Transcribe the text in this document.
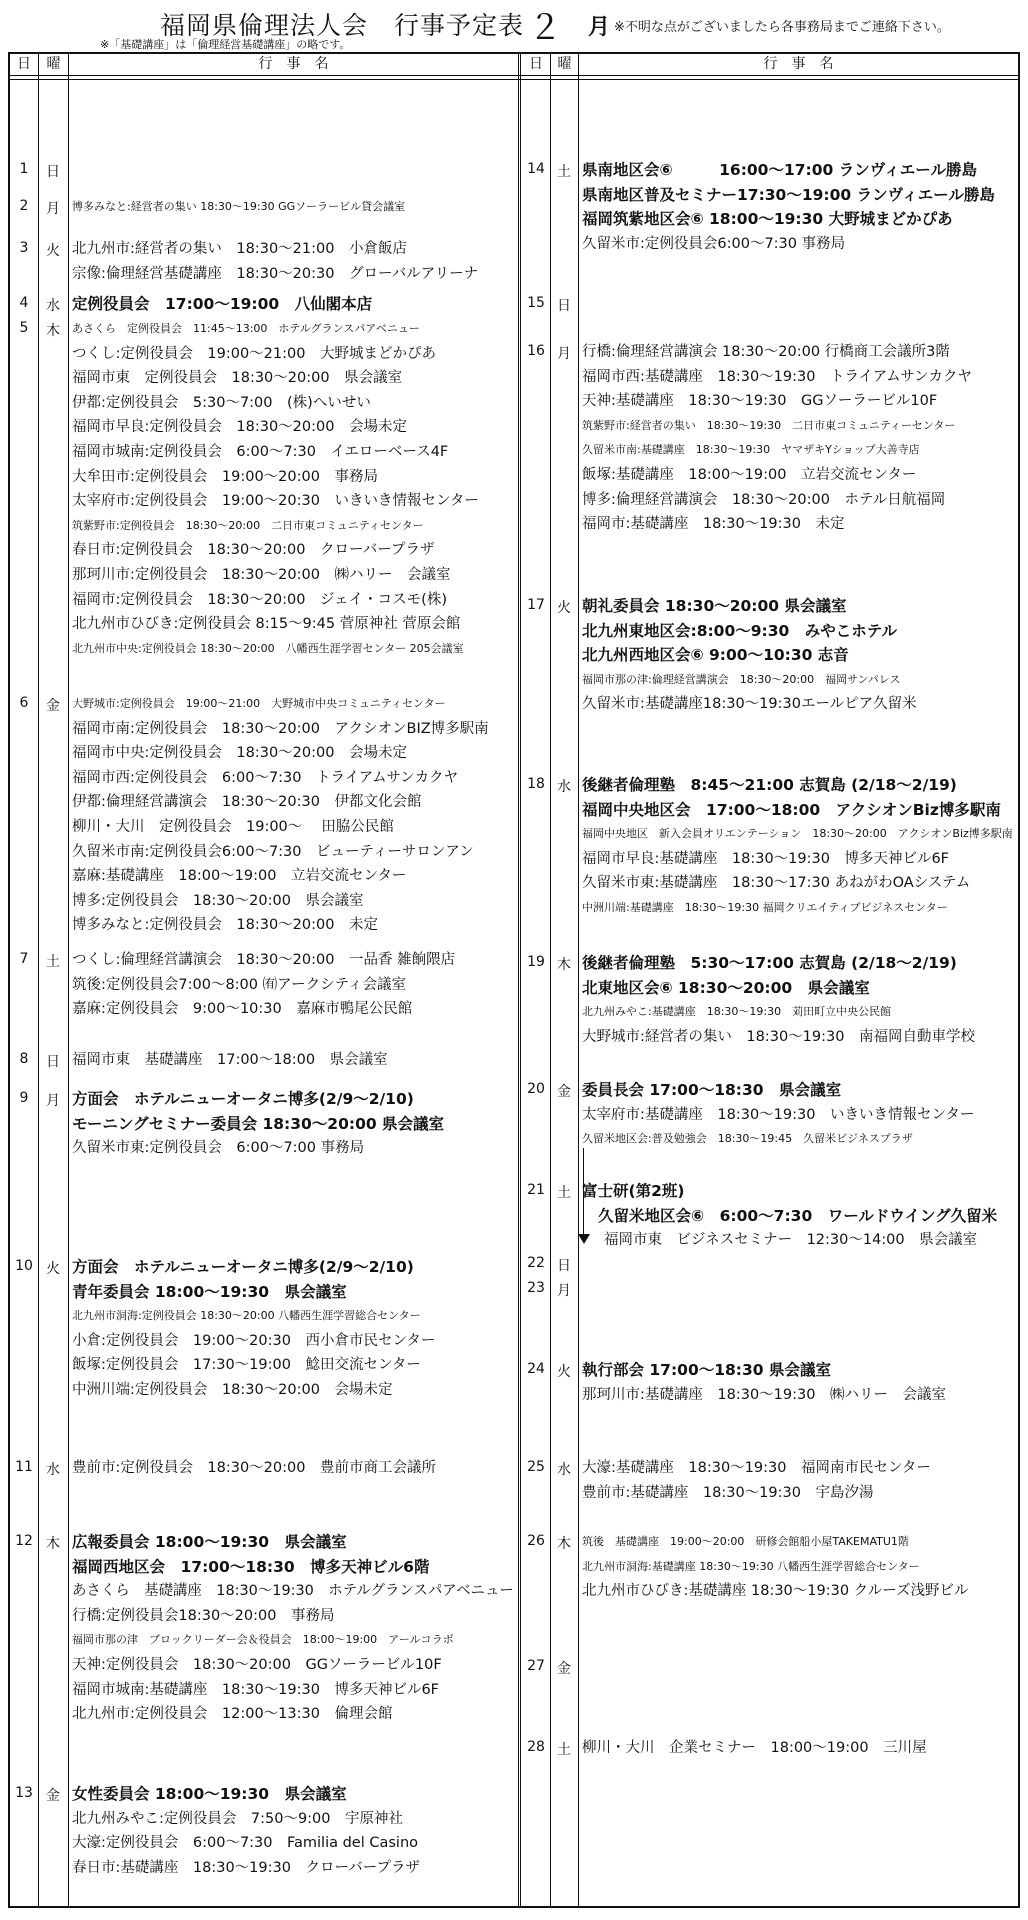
福岡県倫理法人会　行事予定表 ２ 月 ※不明な点がございましたら各事務局までご連絡下さい。
※「基礎講座」は「倫理経営基礎講座」の略です。
日	曜	行　事　名	日	曜	行　事　名
1	日
2	月	博多みなと:経営者の集い 18:30〜19:30 GGソーラービル貸会議室
3	火 北九州市:経営者の集い　18:30〜21:00　小倉飯店
宗像:倫理経営基礎講座　18:30〜20:30　グローバルアリーナ
4	水 定例役員会　17:00〜19:00　八仙閣本店
5	木	あさくら　定例役員会　11:45〜13:00　ホテルグランスパアベニュー
つくし:定例役員会　19:00〜21:00　大野城まどかぴあ
福岡市東　定例役員会　18:30〜20:00　県会議室
伊都:定例役員会　5:30〜7:00　(株)へいせい
福岡市早良:定例役員会　18:30〜20:00　会場未定
福岡市城南:定例役員会　6:00〜7:30　イエローベース4F
大牟田市:定例役員会　19:00〜20:00　事務局
太宰府市:定例役員会　19:00〜20:30　いきいき情報センター
筑紫野市:定例役員会　18:30〜20:00　二日市東コミュニティセンター
春日市:定例役員会　18:30〜20:00　クローバープラザ
那珂川市:定例役員会　18:30〜20:00　㈱ハリー　会議室
福岡市:定例役員会　18:30〜20:00　ジェイ・コスモ(株)
北九州市ひびき:定例役員会 8:15〜9:45 菅原神社 菅原会館
北九州市中央:定例役員会 18:30〜20:00　八幡西生涯学習センター 205会議室
6	金	大野城市:定例役員会　19:00〜21:00　大野城市中央コミュニティセンター
福岡市南:定例役員会　18:30〜20:00　アクシオンBIZ博多駅南
福岡市中央:定例役員会　18:30〜20:00　会場未定
福岡市西:定例役員会　6:00〜7:30　トライアムサンカクヤ
伊都:倫理経営講演会　18:30〜20:30　伊都文化会館
柳川・大川　定例役員会　19:00〜　 田脇公民館
久留米市南:定例役員会6:00〜7:30　ビューティーサロンアン
嘉麻:基礎講座　18:00〜19:00　立岩交流センター
博多:定例役員会　18:30〜20:00　県会議室
博多みなと:定例役員会　18:30〜20:00　未定
7	土 つくし:倫理経営講演会　18:30〜20:00　一品香 雑餉隈店
筑後:定例役員会7:00〜8:00 ㈲アークシティ会議室
嘉麻:定例役員会　9:00〜10:30　嘉麻市鴨尾公民館
8	日 福岡市東　基礎講座　17:00〜18:00　県会議室
9	月 方面会　ホテルニューオータニ博多(2/9〜2/10)
モーニングセミナー委員会 18:30〜20:00 県会議室
久留米市東:定例役員会　6:00〜7:00 事務局
10 火 方面会　ホテルニューオータニ博多(2/9〜2/10)
青年委員会 18:00〜19:30　県会議室
北九州市洞海:定例役員会 18:30〜20:00 八幡西生涯学習総合センター
小倉:定例役員会　19:00〜20:30　西小倉市民センター
飯塚:定例役員会　17:30〜19:00　鯰田交流センター
中洲川端:定例役員会　18:30〜20:00　会場未定
11 水 豊前市:定例役員会　18:30〜20:00　豊前市商工会議所
12 木 広報委員会 18:00〜19:30　県会議室
福岡西地区会　17:00〜18:30　博多天神ビル6階
あさくら　基礎講座　18:30〜19:30　ホテルグランスパアベニュー
行橋:定例役員会18:30〜20:00　事務局
福岡市那の津　ブロックリーダー会＆役員会　18:00〜19:00　アールコラボ
天神:定例役員会　18:30〜20:00　GGソーラービル10F
福岡市城南:基礎講座　18:30〜19:30　博多天神ビル6F
北九州市:定例役員会　12:00〜13:30　倫理会館
13 金 女性委員会 18:00〜19:30　県会議室
北九州みやこ:定例役員会　7:50〜9:00　宇原神社
大濠:定例役員会　6:00〜7:30　Familia del Casino
春日市:基礎講座　18:30〜19:30　クローバープラザ
14 土 県南地区会⑥　　　16:00〜17:00 ランヴィエール勝島
県南地区普及セミナー17:30〜19:00 ランヴィエール勝島
福岡筑紫地区会⑥ 18:00〜19:30 大野城まどかぴあ
久留米市:定例役員会6:00〜7:30 事務局
15 日
16 月 行橋:倫理経営講演会 18:30〜20:00 行橋商工会議所3階
福岡市西:基礎講座　18:30〜19:30　トライアムサンカクヤ
天神:基礎講座　18:30〜19:30　GGソーラービル10F
筑紫野市:経営者の集い　18:30〜19:30　二日市東コミュニティーセンター
久留米市南:基礎講座　18:30〜19:30　ヤマザキYショップ大善寺店
飯塚:基礎講座　18:00〜19:00　立岩交流センター
博多:倫理経営講演会　18:30〜20:00　ホテル日航福岡
福岡市:基礎講座　18:30〜19:30　未定
17 火 朝礼委員会 18:30〜20:00 県会議室
北九州東地区会:8:00〜9:30　みやこホテル
北九州西地区会⑥ 9:00〜10:30 志音
福岡市那の津:倫理経営講演会　18:30〜20:00　福岡サンパレス
久留米市:基礎講座18:30〜19:30エールピア久留米
18 水 後継者倫理塾　8:45〜21:00 志賀島 (2/18〜2/19)
福岡中央地区会　17:00〜18:00　アクシオンBiz博多駅南
福岡中央地区　新入会員オリエンテーション　18:30〜20:00　アクシオンBiz博多駅南
福岡市早良:基礎講座　18:30〜19:30　博多天神ビル6F
久留米市東:基礎講座　18:30〜17:30 あねがわOAシステム
中洲川端:基礎講座　18:30〜19:30 福岡クリエイティブビジネスセンター
19 木 後継者倫理塾　5:30〜17:00 志賀島 (2/18〜2/19)
北東地区会⑥ 18:30〜20:00　県会議室
北九州みやこ:基礎講座　18:30〜19:30　苅田町立中央公民館
大野城市:経営者の集い　18:30〜19:30　南福岡自動車学校
20 金 委員長会 17:00〜18:30　県会議室
太宰府市:基礎講座　18:30〜19:30　いきいき情報センター
久留米地区会:普及勉強会　18:30〜19:45　久留米ビジネスプラザ
21 土 富士研(第2班)
久留米地区会⑥　6:00〜7:30　ワールドウイング久留米
福岡市東　ビジネスセミナー　12:30〜14:00　県会議室
22 日
23 月
24 火 執行部会 17:00〜18:30 県会議室
那珂川市:基礎講座　18:30〜19:30　㈱ハリー　会議室
25 水 大濠:基礎講座　18:30〜19:30　福岡南市民センター
豊前市:基礎講座　18:30〜19:30　宇島汐湯
26 木	筑後　基礎講座　19:00〜20:00　研修会館船小屋TAKEMATU1階
北九州市洞海:基礎講座 18:30〜19:30 八幡西生涯学習総合センター
北九州市ひびき:基礎講座 18:30〜19:30 クルーズ浅野ビル
27 金
28 土 柳川・大川　企業セミナー　18:00〜19:00　三川屋
